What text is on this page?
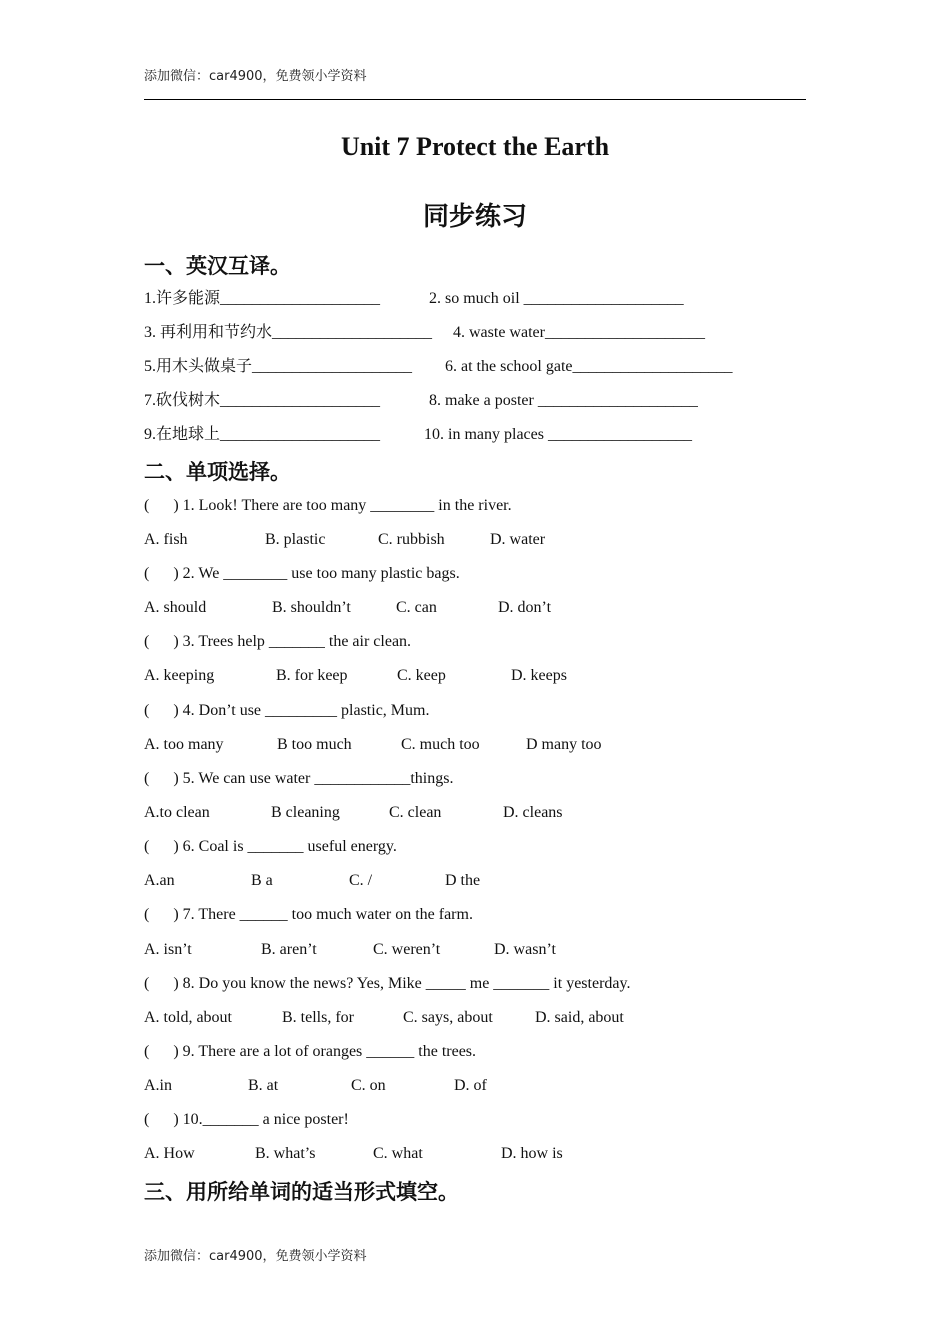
添加微信：car4900，免费领小学资料
Unit 7 Protect the Earth
同步练习
一、英汉互译。

1.许多能源____________________

	2. so much oil ____________________

3. 再利用和节约水____________________

4. waste water____________________

5.用木头做桌子____________________

6. at the school gate____________________

7.砍伐树木____________________

	8. make a poster ____________________

9.在地球上____________________

	10. in many places __________________

二、单项选择。
(      ) 1. Look! There are too many ________ in the river.

A. fish

	B. plastic

	C. rubbish

	D. water

(      ) 2. We ________ use too many plastic bags.

A. should

	B. shouldn’t

	C. can

	D. don’t

(      ) 3. Trees help _______ the air clean.

A. keeping

	B. for keep

	C. keep

	D. keeps

(      ) 4. Don’t use _________ plastic, Mum.

A. too many

	B too much

	C. much too

	D many too

(      ) 5. We can use water ____________things.

A.to clean

	B cleaning

	C. clean

	D. cleans

(      ) 6. Coal is _______ useful energy.

A.an

	B a

	C. /

	D the

(      ) 7. There ______ too much water on the farm.

A. isn’t

	B. aren’t

	C. weren’t

	D. wasn’t

(      ) 8. Do you know the news? Yes, Mike _____ me _______ it yesterday.

A. told, about

	B. tells, for

	C. says, about

	D. said, about

(      ) 9. There are a lot of oranges ______ the trees.

A.in

	B. at

	C. on

	D. of

(      ) 10._______ a nice poster!

A. How

	B. what’s

	C. what

	D. how is

三、用所给单词的适当形式填空。
添加微信：car4900，免费领小学资料
